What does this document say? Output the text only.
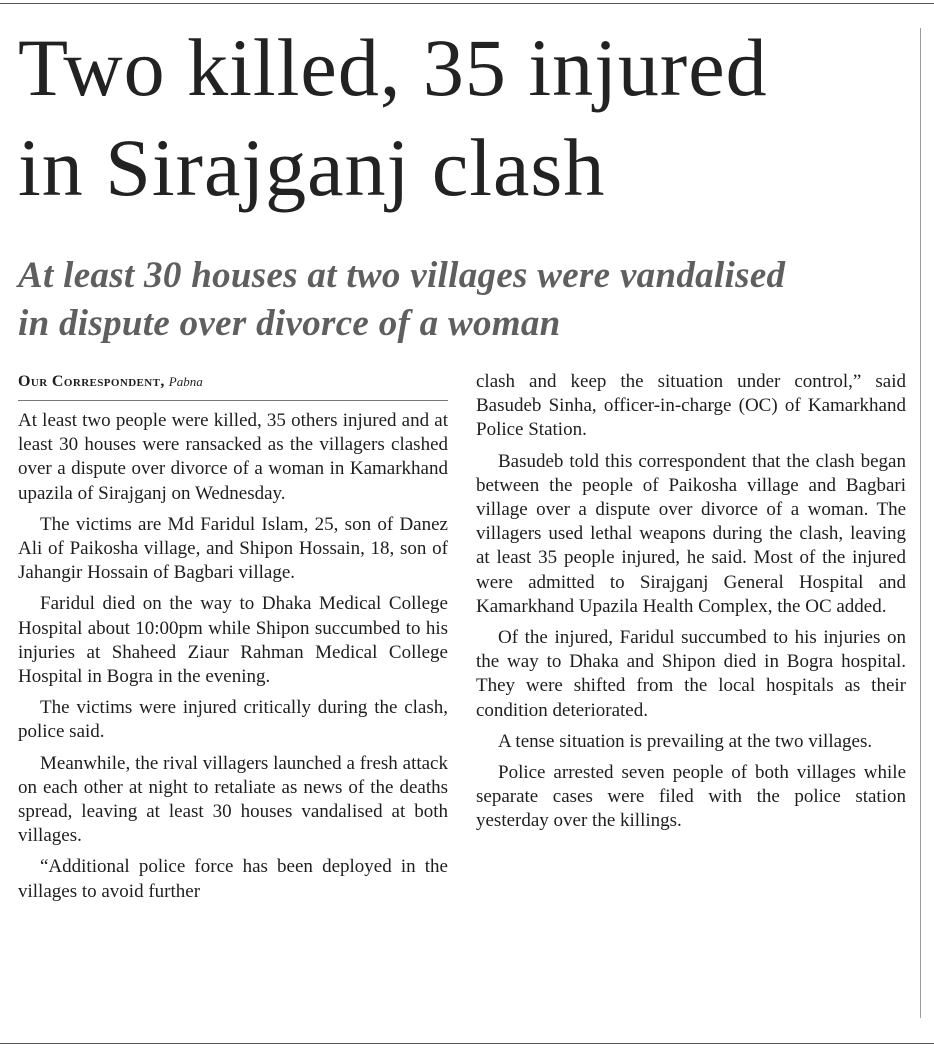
Two killed, 35 injured
in Sirajganj clash
At least 30 houses at two villages were vandalised
in dispute over divorce of a woman
Our Correspondent, Pabna

At least two people were killed, 35 others injured and at least 30 houses were ransacked as the villagers clashed over a dispute over divorce of a woman in Kamarkhand upazila of Sirajganj on Wednesday.

The victims are Md Faridul Islam, 25, son of Danez Ali of Paikosha village, and Shipon Hossain, 18, son of Jahangir Hossain of Bagbari village.

Faridul died on the way to Dhaka Medical College Hospital about 10:00pm while Shipon succumbed to his injuries at Shaheed Ziaur Rahman Medical College Hospital in Bogra in the evening.

The victims were injured critically during the clash, police said.

Meanwhile, the rival villagers launched a fresh attack on each other at night to retaliate as news of the deaths spread, leaving at least 30 houses vandalised at both villages.

“Additional police force has been deployed in the villages to avoid further

clash and keep the situation under control,” said Basudeb Sinha, officer-in-charge (OC) of Kamarkhand Police Station.

Basudeb told this correspondent that the clash began between the people of Paikosha village and Bagbari village over a dispute over divorce of a woman. The villagers used lethal weapons during the clash, leaving at least 35 people injured, he said. Most of the injured were admitted to Sirajganj General Hospital and Kamarkhand Upazila Health Complex, the OC added.

Of the injured, Faridul succumbed to his injuries on the way to Dhaka and Shipon died in Bogra hospital. They were shifted from the local hospitals as their condition deteriorated.

A tense situation is prevailing at the two villages.

Police arrested seven people of both villages while separate cases were filed with the police station yesterday over the killings.
